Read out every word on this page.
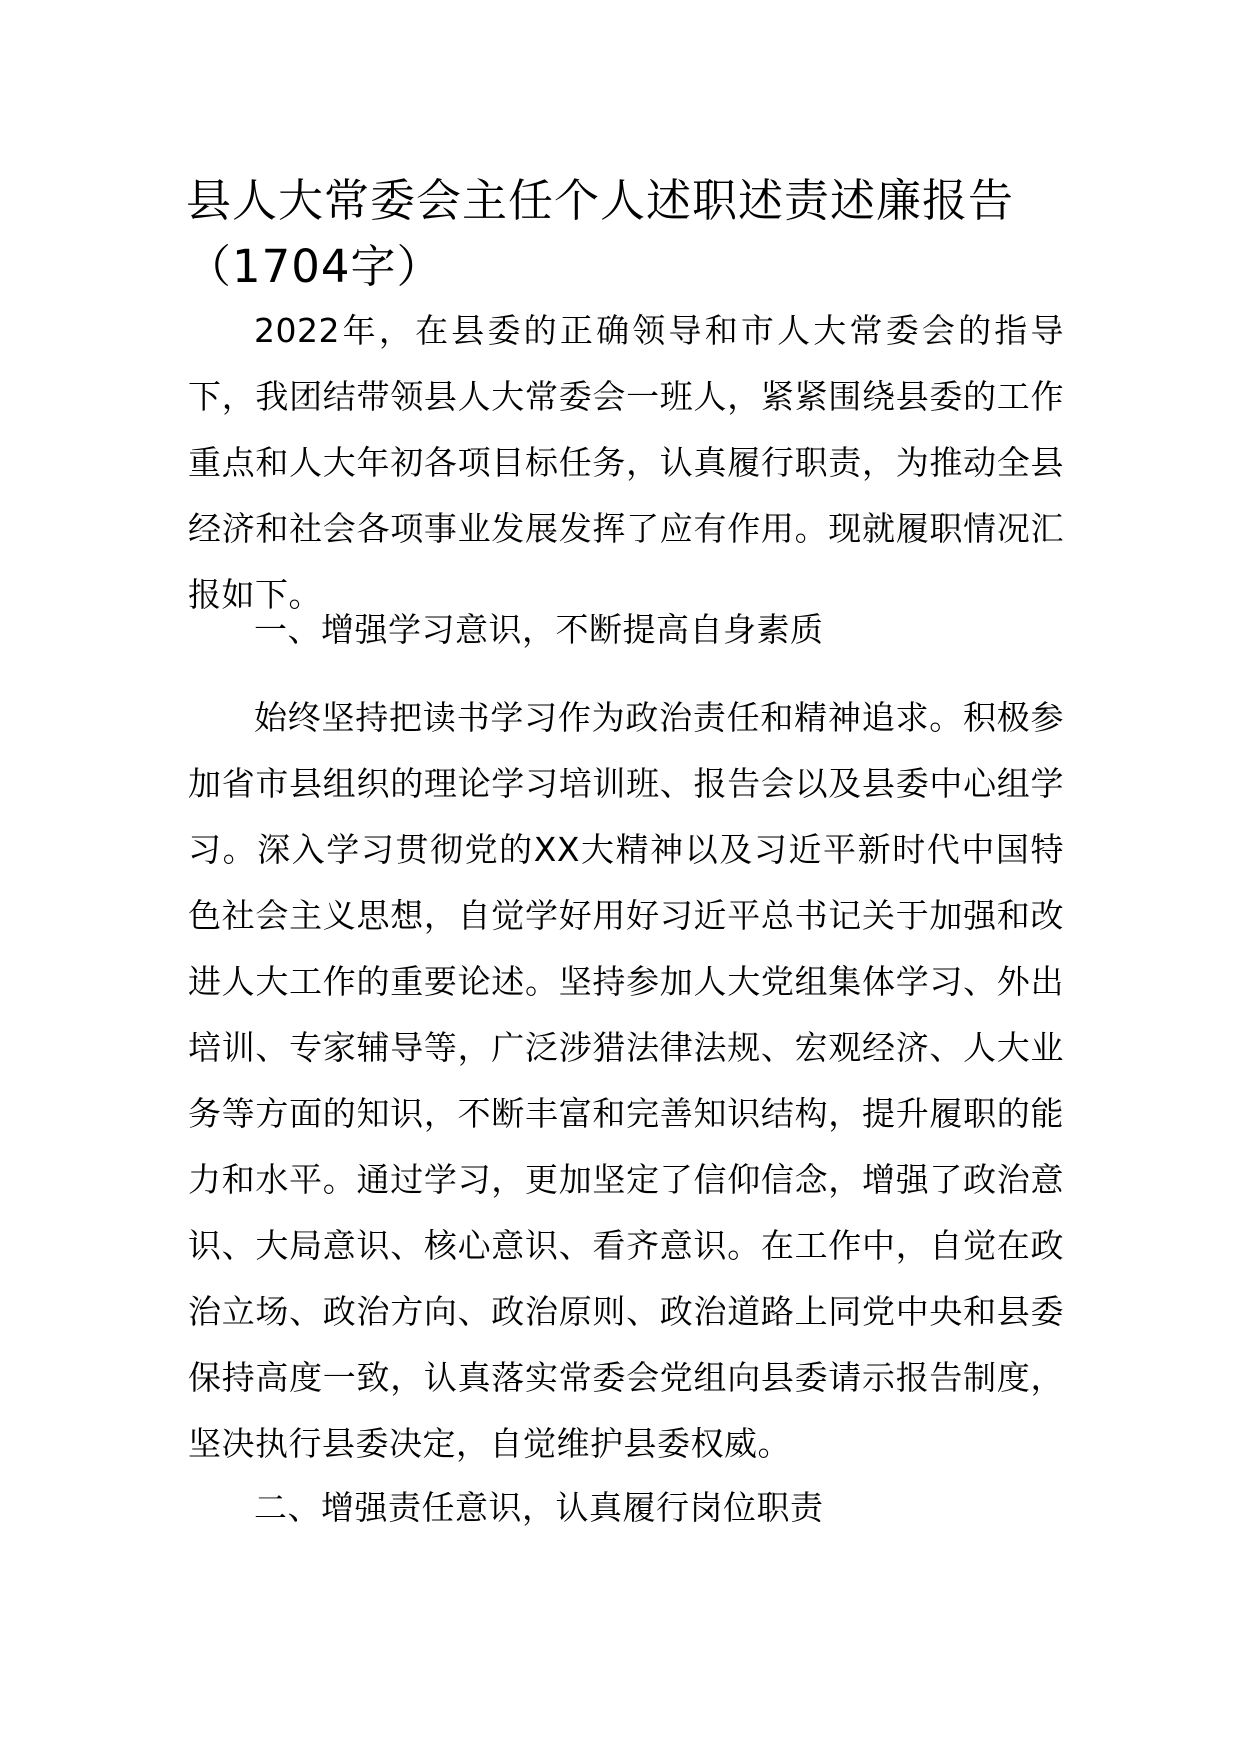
县人大常委会主任个人述职述责述廉报告（1704字）

2022年，在县委的正确领导和市人大常委会的指导下，我团结带领县人大常委会一班人，紧紧围绕县委的工作重点和人大年初各项目标任务，认真履行职责，为推动全县经济和社会各项事业发展发挥了应有作用。现就履职情况汇报如下。

一、增强学习意识，不断提高自身素质

始终坚持把读书学习作为政治责任和精神追求。积极参加省市县组织的理论学习培训班、报告会以及县委中心组学习。深入学习贯彻党的XX大精神以及习近平新时代中国特色社会主义思想，自觉学好用好习近平总书记关于加强和改进人大工作的重要论述。坚持参加人大党组集体学习、外出培训、专家辅导等，广泛涉猎法律法规、宏观经济、人大业务等方面的知识，不断丰富和完善知识结构，提升履职的能力和水平。通过学习，更加坚定了信仰信念，增强了政治意识、大局意识、核心意识、看齐意识。在工作中，自觉在政治立场、政治方向、政治原则、政治道路上同党中央和县委保持高度一致，认真落实常委会党组向县委请示报告制度，坚决执行县委决定，自觉维护县委权威。

二、增强责任意识，认真履行岗位职责
